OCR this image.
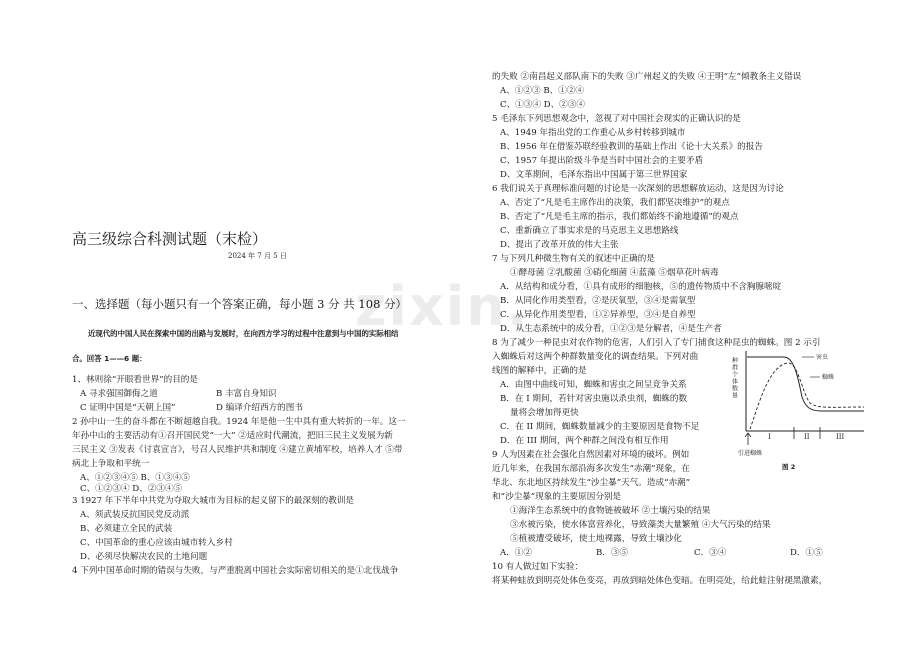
zixin.
高三级综合科测试题（末检）
2024 年 7 月 5 日
一、选择题（每小题只有一个答案正确，每小题 3 分 共 108 分）
近现代的中国人民在探索中国的出路与发展时，在向西方学习的过程中注意到与中国的实际相结
合。回答 1——6 题：
1、林则徐“开眼看世界”的目的是
A 寻求强国御侮之道	B 丰富自身知识
C 证明中国是“天朝上国”	D 编译介绍西方的图书
2 孙中山一生的奋斗都在不断超越自我。1924 年是他一生中具有重大转折的一年。这一
年孙中山的主要活动有①召开国民党“一大” ②适应时代潮流，把旧三民主义发展为新
三民主义 ③发表《讨袁宣言》，号召人民维护共和制度 ④建立黄埔军校，培养人才 ⑤带
病北上争取和平统一
A、①②③④⑤ B、①③④⑤
C、①②③④ D、②③④⑤
3 1927 年下半年中共党为夺取大城市为目标的起义留下的最深刻的教训是
A、须武装反抗国民党反动派
B、必须建立全民的武装
C、中国革命的重心应该由城市转入乡村
D、必须尽快解决农民的土地问题
4 下列中国革命时期的错误与失败，与严重脱离中国社会实际密切相关的是①北伐战争
的失败 ②南昌起义部队南下的失败 ③广州起义的失败 ④王明“左”倾教条主义错误
A、①②③ B、①②④
C、①③④ D、②③④
5 毛泽东下列思想观念中，忽视了对中国社会现实的正确认识的是
A、1949 年指出党的工作重心从乡村转移到城市
B、1956 年在借鉴苏联经验教训的基础上作出《论十大关系》的报告
C、1957 年提出阶级斗争是当时中国社会的主要矛盾
D、文革期间，毛泽东指出中国属于第三世界国家
6 我们说关于真理标准问题的讨论是一次深刻的思想解放运动，这是因为讨论
A、否定了“凡是毛主席作出的决策，我们都坚决维护”的观点
B、否定了“凡是毛主席的指示，我们都始终不渝地遵循”的观点
C、重新确立了事实求是的马克思主义思想路线
D、提出了改革开放的伟大主张
7 与下列几种微生物有关的叙述中正确的是
①酵母菌 ②乳酸菌 ③硝化细菌 ④蓝藻 ⑤烟草花叶病毒
A．从结构和成分看，①具有成形的细胞核，⑤的遗传物质中不含胸腺嘧啶
B．从同化作用类型看，②是厌氧型，③④是需氧型
C．从异化作用类型看，①②异养型，③④是自养型
D．从生态系统中的成分看，①②③是分解者，④是生产者
8 为了减少一种昆虫对农作物的危害，人们引入了专门捕食这种昆虫的蜘蛛。图 2 示引
入蜘蛛后对这两个种群数量变化的调查结果。下列对曲
线图的解释中，正确的是
A．由图中曲线可知，蜘蛛和害虫之间呈竞争关系
B．在 I 期间，若针对害虫施以杀虫剂，蜘蛛的数
量将会增加得更快
C．在 II 期间，蜘蛛数量减少的主要原因是食物不足
D．在 III 期间，两个种群之间没有相互作用
9 人为因素在社会强化自然因素对环境的破坏。例如
近几年来，在我国东部沿海多次发生“赤潮”现象，在
华北、东北地区持续发生“沙尘暴”天气。造成“赤潮”
和“沙尘暴”现象的主要原因分别是
①海洋生态系统中的食物链被破坏 ②土壤污染的结果
③水被污染，使水体富营养化，导致藻类大量繁殖 ④大气污染的结果
⑤植被遭受破坏，使土地裸露，导致土壤沙化
A．①②	B．③⑤	C．③④	D．①⑤
10 有人做过如下实验：
将某种蛙放到明亮处体色变亮，再放到暗处体色变暗。在明亮处，给此蛙注射褪黑激素，
种群个体数量	害虫
蜘蛛
I	II	III
引进蜘蛛
图 2
